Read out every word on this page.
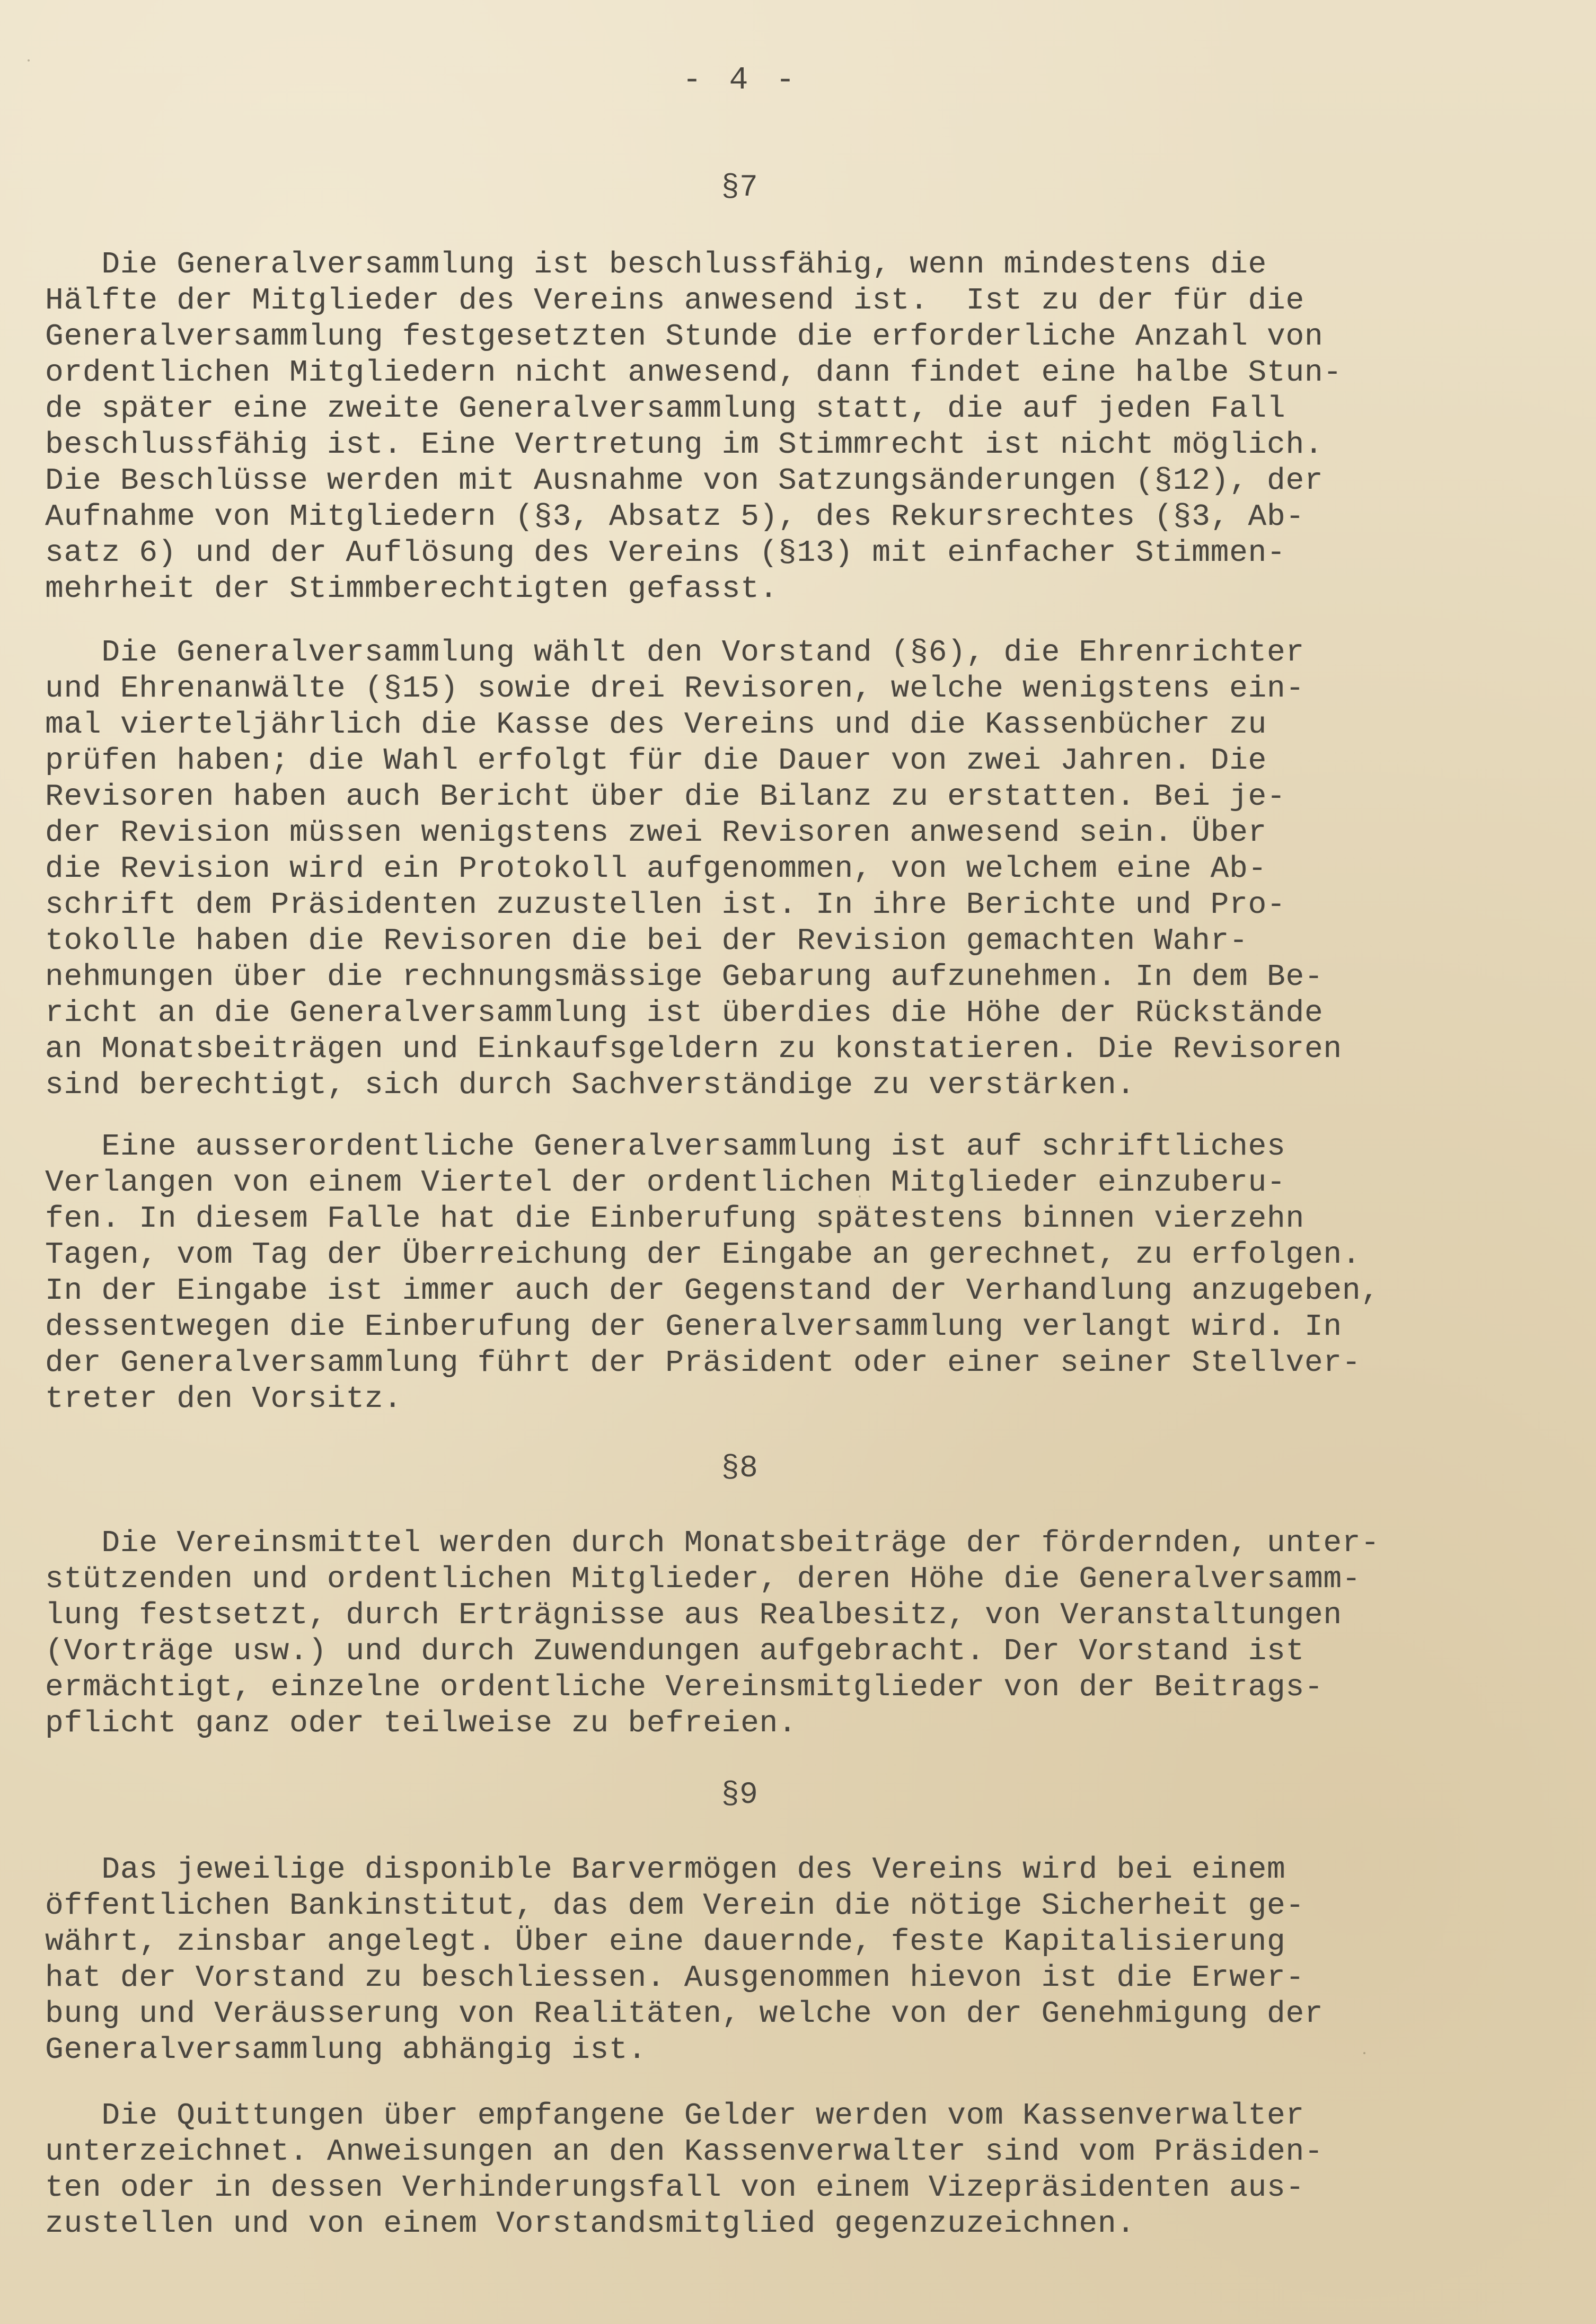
- 4 -
§7
Die Generalversammlung ist beschlussfähig, wenn mindestens die
Hälfte der Mitglieder des Vereins anwesend ist.  Ist zu der für die
Generalversammlung festgesetzten Stunde die erforderliche Anzahl von
ordentlichen Mitgliedern nicht anwesend, dann findet eine halbe Stun-
de später eine zweite Generalversammlung statt, die auf jeden Fall
beschlussfähig ist. Eine Vertretung im Stimmrecht ist nicht möglich.
Die Beschlüsse werden mit Ausnahme von Satzungsänderungen (§12), der
Aufnahme von Mitgliedern (§3, Absatz 5), des Rekursrechtes (§3, Ab-
satz 6) und der Auflösung des Vereins (§13) mit einfacher Stimmen-
mehrheit der Stimmberechtigten gefasst.
Die Generalversammlung wählt den Vorstand (§6), die Ehrenrichter
und Ehrenanwälte (§15) sowie drei Revisoren, welche wenigstens ein-
mal vierteljährlich die Kasse des Vereins und die Kassenbücher zu
prüfen haben; die Wahl erfolgt für die Dauer von zwei Jahren. Die
Revisoren haben auch Bericht über die Bilanz zu erstatten. Bei je-
der Revision müssen wenigstens zwei Revisoren anwesend sein. Über
die Revision wird ein Protokoll aufgenommen, von welchem eine Ab-
schrift dem Präsidenten zuzustellen ist. In ihre Berichte und Pro-
tokolle haben die Revisoren die bei der Revision gemachten Wahr-
nehmungen über die rechnungsmässige Gebarung aufzunehmen. In dem Be-
richt an die Generalversammlung ist überdies die Höhe der Rückstände
an Monatsbeiträgen und Einkaufsgeldern zu konstatieren. Die Revisoren
sind berechtigt, sich durch Sachverständige zu verstärken.
Eine ausserordentliche Generalversammlung ist auf schriftliches
Verlangen von einem Viertel der ordentlichen Mitglieder einzuberu-
fen. In diesem Falle hat die Einberufung spätestens binnen vierzehn
Tagen, vom Tag der Überreichung der Eingabe an gerechnet, zu erfolgen.
In der Eingabe ist immer auch der Gegenstand der Verhandlung anzugeben,
dessentwegen die Einberufung der Generalversammlung verlangt wird. In
der Generalversammlung führt der Präsident oder einer seiner Stellver-
treter den Vorsitz.
§8
Die Vereinsmittel werden durch Monatsbeiträge der fördernden, unter-
stützenden und ordentlichen Mitglieder, deren Höhe die Generalversamm-
lung festsetzt, durch Erträgnisse aus Realbesitz, von Veranstaltungen
(Vorträge usw.) und durch Zuwendungen aufgebracht. Der Vorstand ist
ermächtigt, einzelne ordentliche Vereinsmitglieder von der Beitrags-
pflicht ganz oder teilweise zu befreien.
§9
Das jeweilige disponible Barvermögen des Vereins wird bei einem
öffentlichen Bankinstitut, das dem Verein die nötige Sicherheit ge-
währt, zinsbar angelegt. Über eine dauernde, feste Kapitalisierung
hat der Vorstand zu beschliessen. Ausgenommen hievon ist die Erwer-
bung und Veräusserung von Realitäten, welche von der Genehmigung der
Generalversammlung abhängig ist.
Die Quittungen über empfangene Gelder werden vom Kassenverwalter
unterzeichnet. Anweisungen an den Kassenverwalter sind vom Präsiden-
ten oder in dessen Verhinderungsfall von einem Vizepräsidenten aus-
zustellen und von einem Vorstandsmitglied gegenzuzeichnen.
